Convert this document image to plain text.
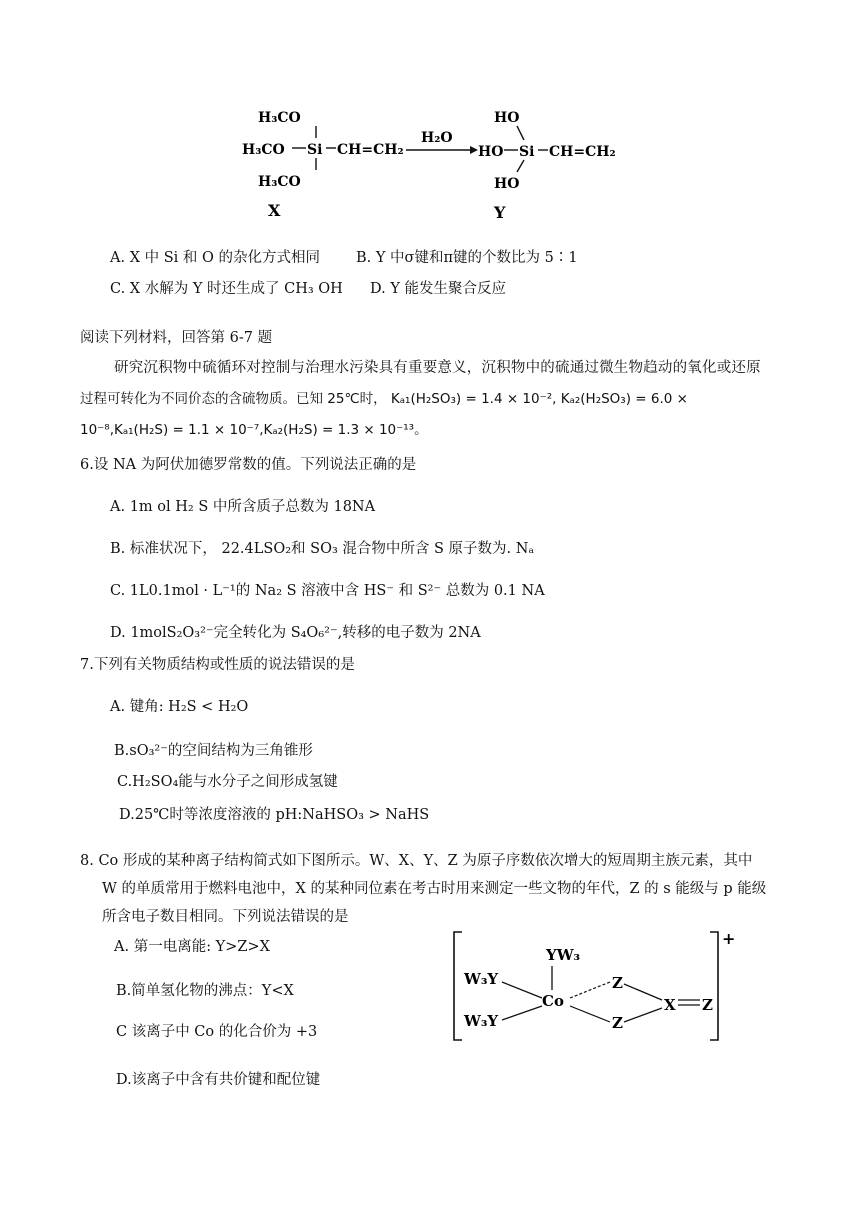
H₃CO
H₃CO
H₃CO
Si CH=CH₂
X
H₂O
HO
HO
HO
Si CH=CH₂
Y
A. X 中 Si 和 O 的杂化方式相同 B. Y 中σ键和π键的个数比为 5∶1
C. X 水解为 Y 时还生成了 CH₃ OH D. Y 能发生聚合反应
阅读下列材料，回答第 6-7 题
研究沉积物中硫循环对控制与治理水污染具有重要意义，沉积物中的硫通过微生物趋动的氧化或还原
过程可转化为不同价态的含硫物质。已知 25℃时， Kₐ₁(H₂SO₃) = 1.4 × 10⁻², Kₐ₂(H₂SO₃) = 6.0 ×
10⁻⁸,Kₐ₁(H₂S) = 1.1 × 10⁻⁷,Kₐ₂(H₂S) = 1.3 × 10⁻¹³。
6.设 NA 为阿伏加德罗常数的值。下列说法正确的是
A. 1m ol H₂ S 中所含质子总数为 18NA
B. 标准状况下， 22.4LSO₂和 SO₃ 混合物中所含 S 原子数为. Nₐ
C. 1L0.1mol · L⁻¹的 Na₂ S 溶液中含 HS⁻ 和 S²⁻ 总数为 0.1 NA
D. 1molS₂O₃²⁻完全转化为 S₄O₆²⁻,转移的电子数为 2NA
7.下列有关物质结构或性质的说法错误的是
A. 键角: H₂S < H₂O
B.sO₃²⁻的空间结构为三角锥形
C.H₂SO₄能与水分子之间形成氢键
D.25℃时等浓度溶液的 pH:NaHSO₃ > NaHS
8. Co 形成的某种离子结构简式如下图所示。W、X、Y、Z 为原子序数依次增大的短周期主族元素，其中
W 的单质常用于燃料电池中，X 的某种同位素在考古时用来测定一些文物的年代，Z 的 s 能级与 p 能级
所含电子数目相同。下列说法错误的是
A. 第一电离能: Y>Z>X
B.简单氢化物的沸点：Y<X
C 该离子中 Co 的化合价为 +3
D.该离子中含有共价键和配位键
+
YW₃
W₃Y
W₃Y
Co
Z
Z
X Z
